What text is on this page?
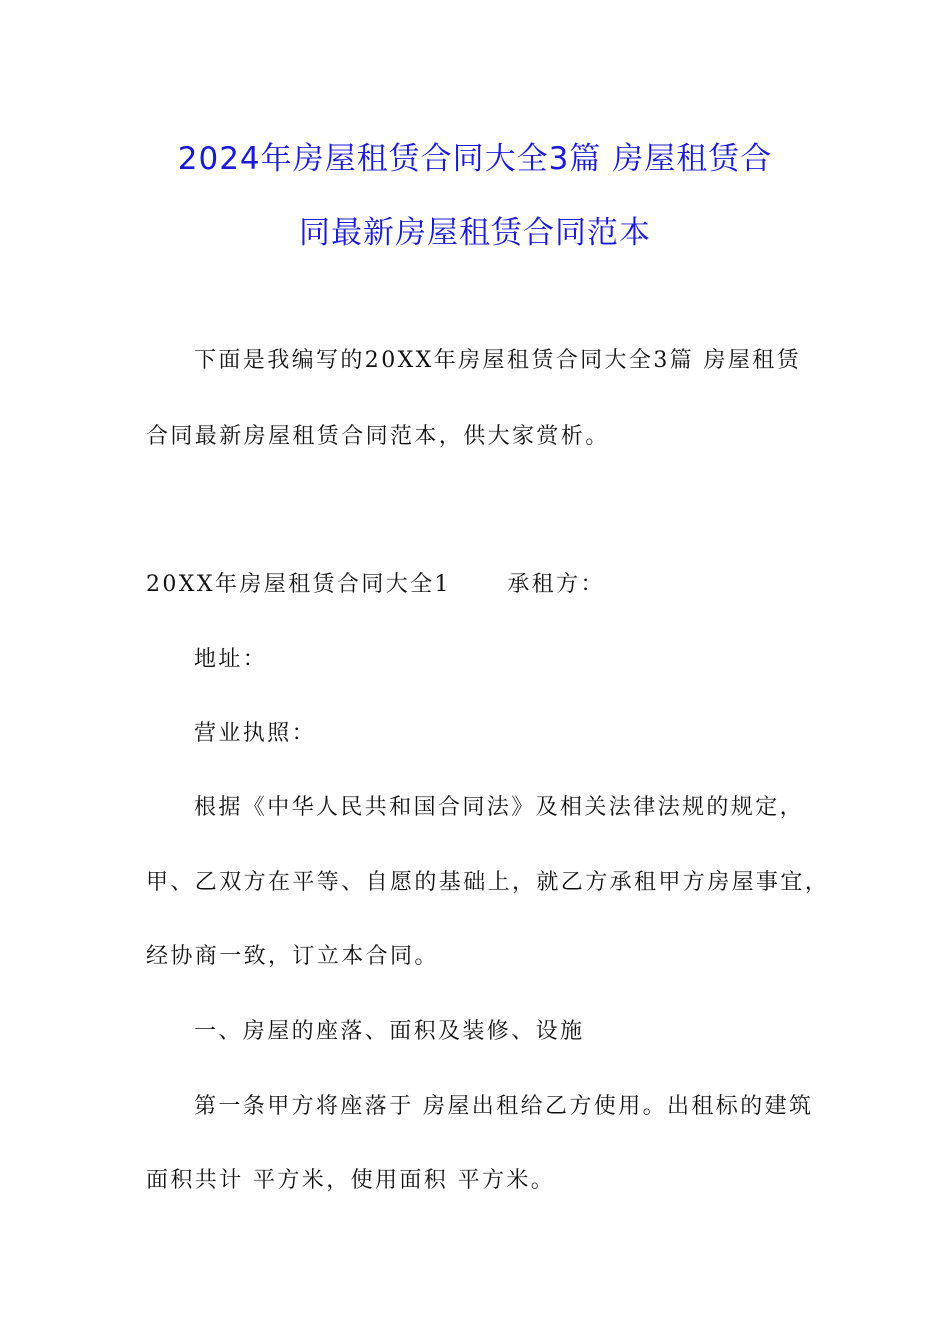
2024年房屋租赁合同大全3篇 房屋租赁合
同最新房屋租赁合同范本
下面是我编写的20XX年房屋租赁合同大全3篇 房屋租赁
合同最新房屋租赁合同范本，供大家赏析。
20XX年房屋租赁合同大全1      承租方：
地址：
营业执照：
根据《中华人民共和国合同法》及相关法律法规的规定，
甲、乙双方在平等、自愿的基础上，就乙方承租甲方房屋事宜，
经协商一致，订立本合同。
一、房屋的座落、面积及装修、设施
第一条甲方将座落于 房屋出租给乙方使用。出租标的建筑
面积共计 平方米，使用面积 平方米。
